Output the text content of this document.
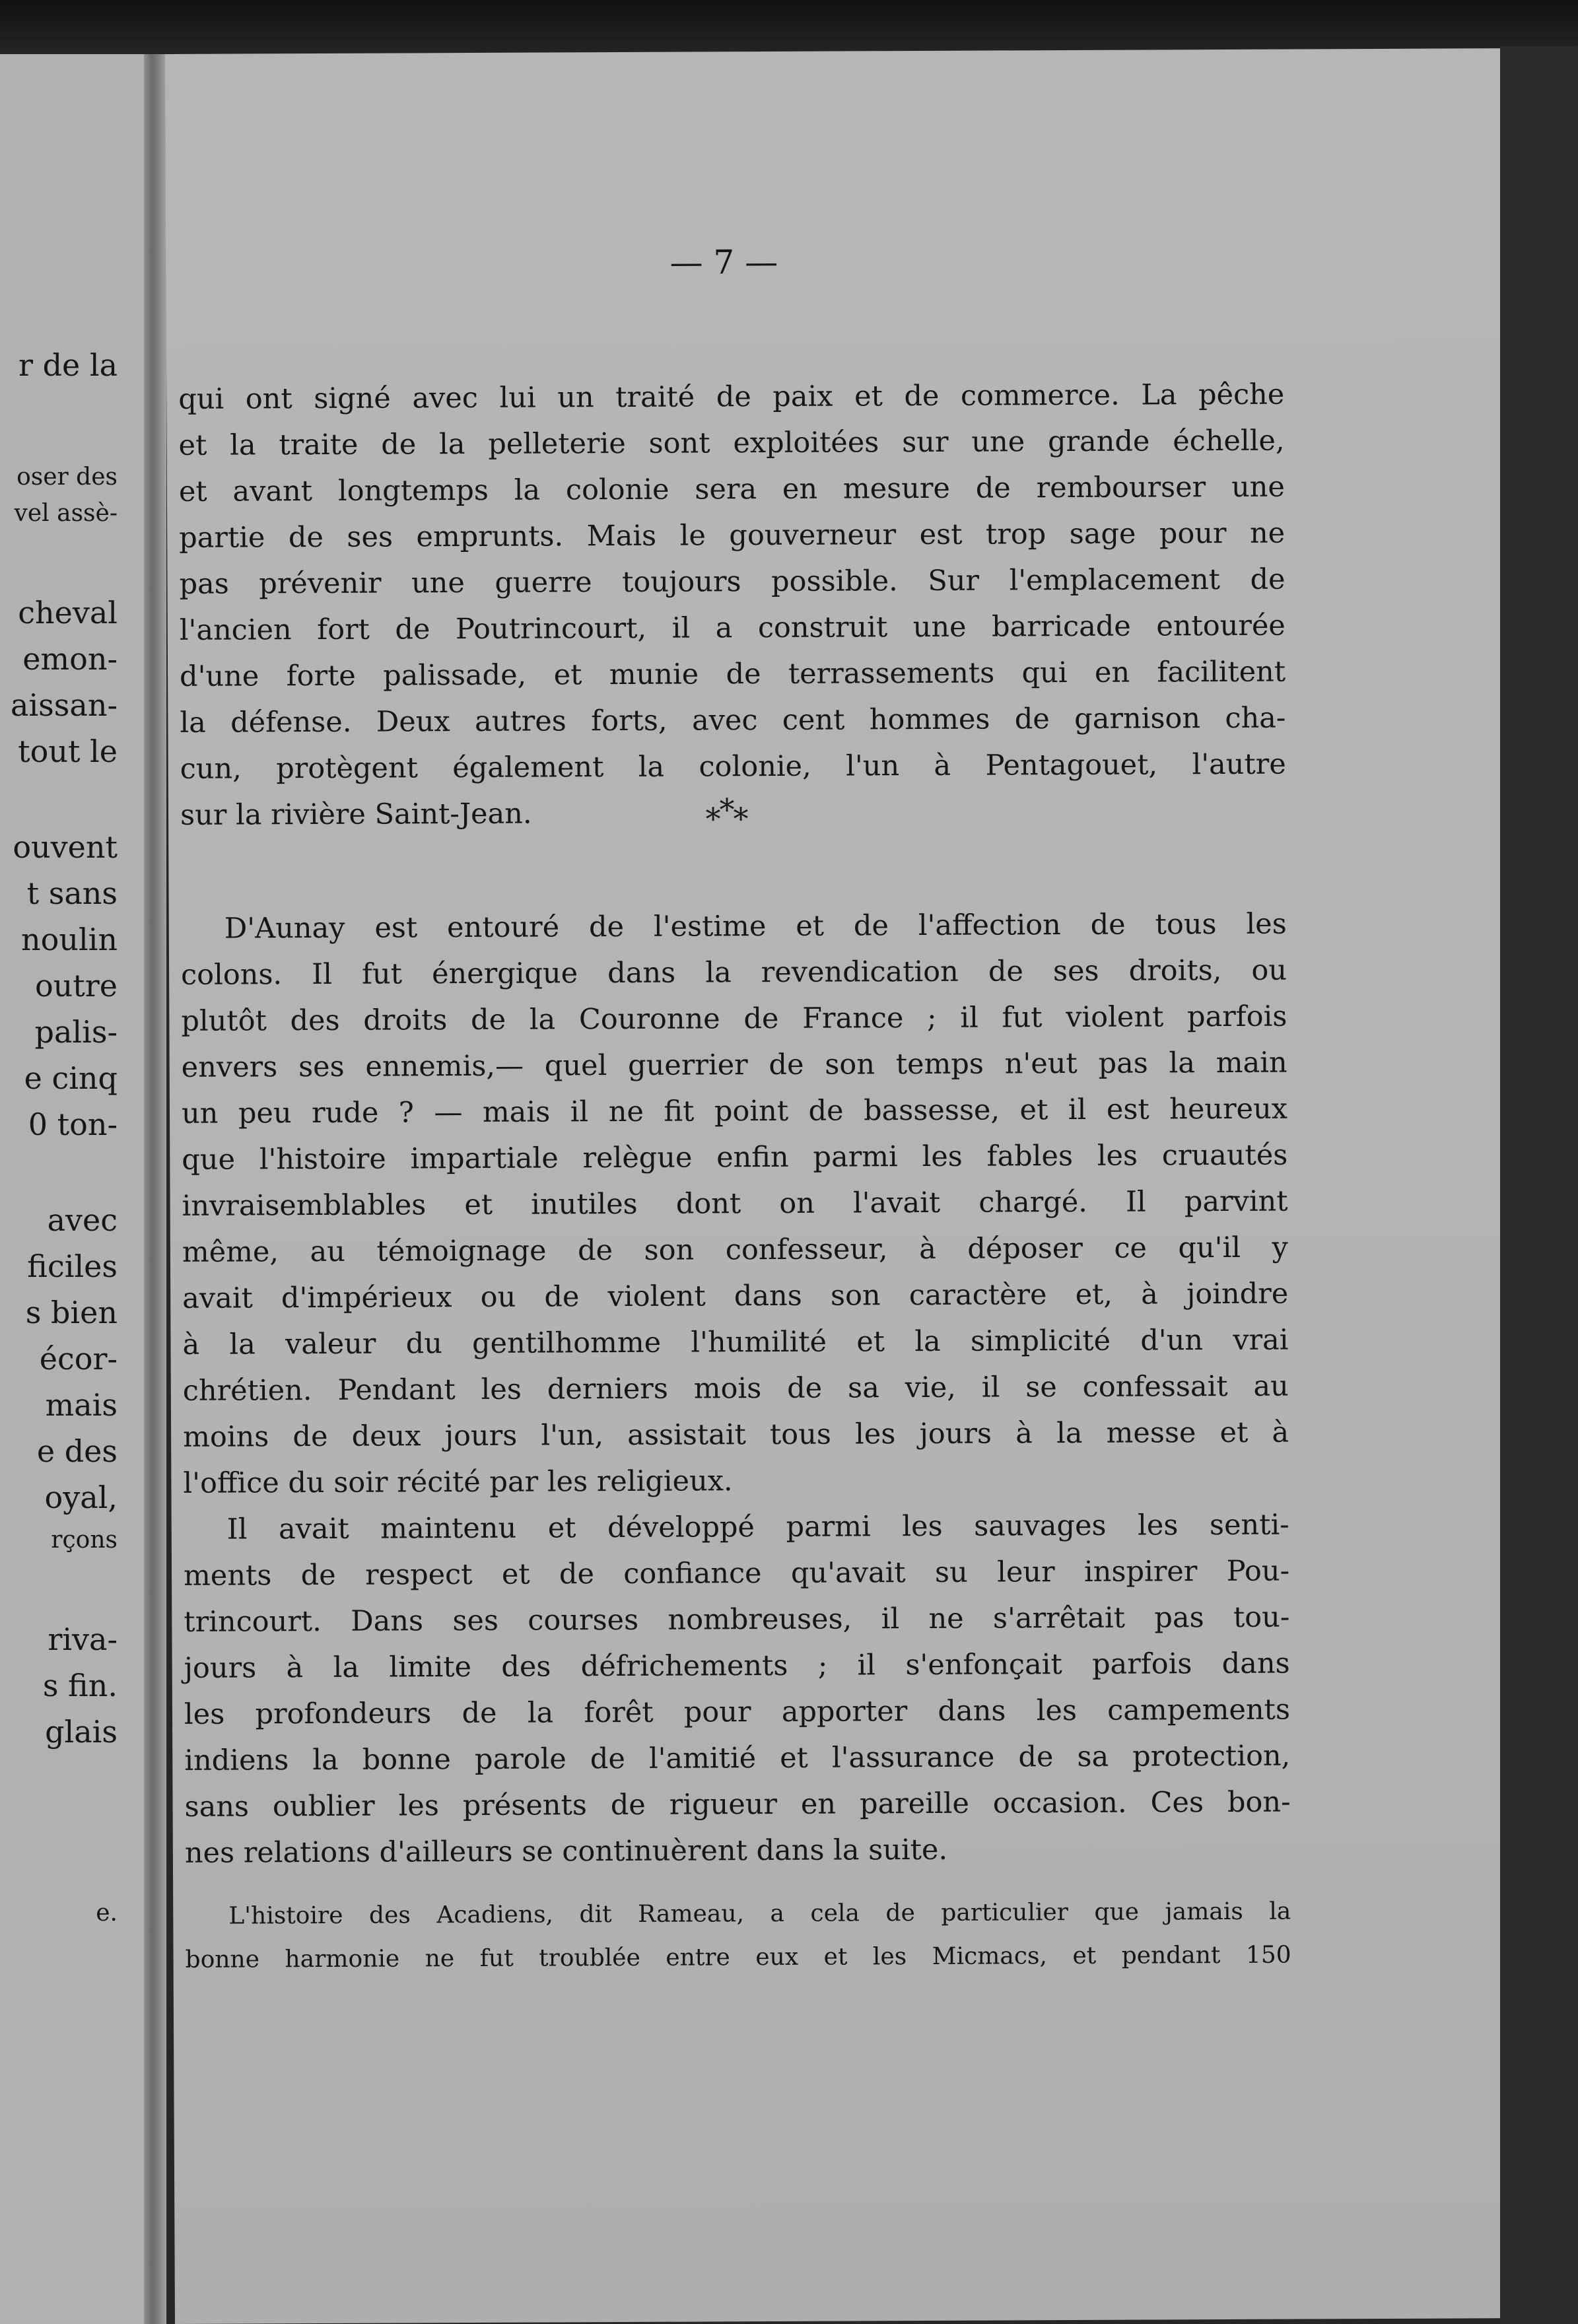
r de la
oser des
vel assè-
cheval
emon-
aissan-
tout le
ouvent
t sans
noulin
outre
palis-
e cinq
0 ton-
avec
ficiles
s bien
écor-
mais
e des
oyal,
rçons
riva-
s fin.
glais
e.
— 7 —
qui ont signé avec lui un traité de paix et de commerce. La pêche
et la traite de la pelleterie sont exploitées sur une grande échelle,
et avant longtemps la colonie sera en mesure de rembourser une
partie de ses emprunts. Mais le gouverneur est trop sage pour ne
pas prévenir une guerre toujours possible. Sur l'emplacement de
l'ancien fort de Poutrincourt, il a construit une barricade entourée
d'une forte palissade, et munie de terrassements qui en facilitent
la défense. Deux autres forts, avec cent hommes de garnison cha-
cun, protègent également la colonie, l'un à Pentagouet, l'autre
sur la rivière Saint-Jean.	***
D'Aunay est entouré de l'estime et de l'affection de tous les
colons. Il fut énergique dans la revendication de ses droits, ou
plutôt des droits de la Couronne de France ; il fut violent parfois
envers ses ennemis,— quel guerrier de son temps n'eut pas la main
un peu rude ? — mais il ne fit point de bassesse, et il est heureux
que l'histoire impartiale relègue enfin parmi les fables les cruautés
invraisemblables et inutiles dont on l'avait chargé. Il parvint
même, au témoignage de son confesseur, à déposer ce qu'il y
avait d'impérieux ou de violent dans son caractère et, à joindre
à la valeur du gentilhomme l'humilité et la simplicité d'un vrai
chrétien. Pendant les derniers mois de sa vie, il se confessait au
moins de deux jours l'un, assistait tous les jours à la messe et à
l'office du soir récité par les religieux.
Il avait maintenu et développé parmi les sauvages les senti-
ments de respect et de confiance qu'avait su leur inspirer Pou-
trincourt. Dans ses courses nombreuses, il ne s'arrêtait pas tou-
jours à la limite des défrichements ; il s'enfonçait parfois dans
les profondeurs de la forêt pour apporter dans les campements
indiens la bonne parole de l'amitié et l'assurance de sa protection,
sans oublier les présents de rigueur en pareille occasion. Ces bon-
nes relations d'ailleurs se continuèrent dans la suite.
L'histoire des Acadiens, dit Rameau, a cela de particulier que jamais la
bonne harmonie ne fut troublée entre eux et les Micmacs, et pendant 150
